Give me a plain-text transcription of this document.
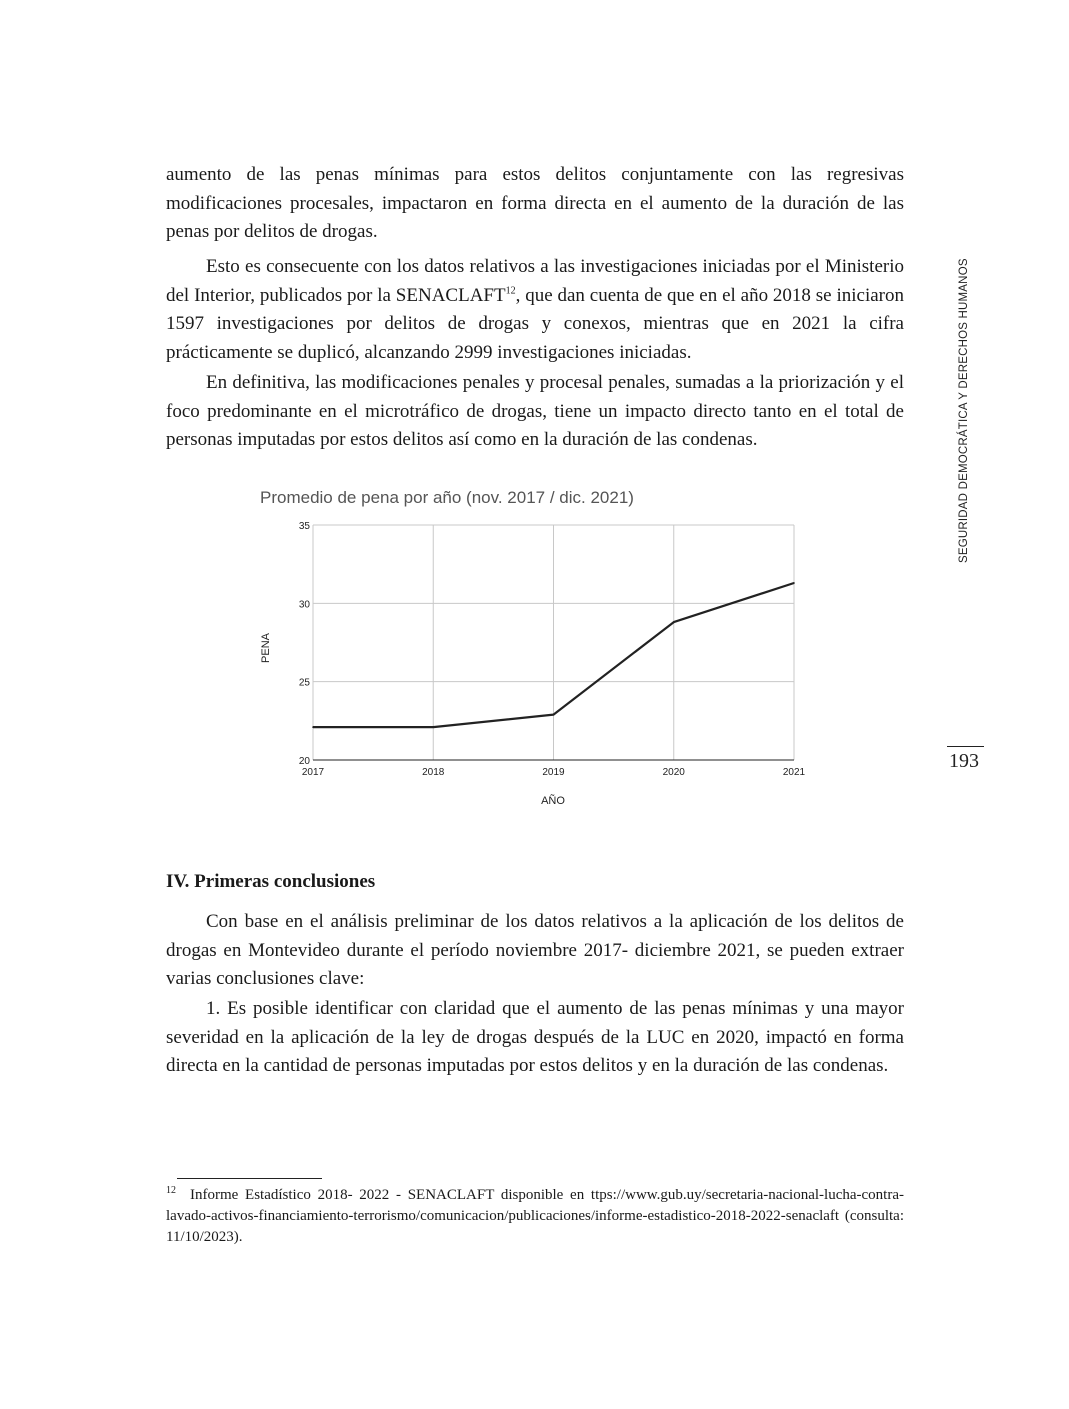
aumento de las penas mínimas para estos delitos conjuntamente con las regresivas modificaciones procesales, impactaron en forma directa en el aumento de la duración de las penas por delitos de drogas.

Esto es consecuente con los datos relativos a las investigaciones iniciadas por el Ministerio del Interior, publicados por la SENACLAFT$^{12}$, que dan cuenta de que en el año 2018 se iniciaron 1597 investigaciones por delitos de drogas y conexos, mientras que en 2021 la cifra prácticamente se duplicó, alcanzando 2999 investigaciones iniciadas.

En definitiva, las modificaciones penales y procesal penales, sumadas a la priorización y el foco predominante en el microtráfico de drogas, tiene un impacto directo tanto en el total de personas imputadas por estos delitos así como en la duración de las condenas.

Promedio de pena por año (nov. 2017 / dic. 2021)
AÑO
PENA
20
25
30
35
2017	2018	2019	2020	2021
IV. Primeras conclusiones

Con base en el análisis preliminar de los datos relativos a la aplicación de los delitos de drogas en Montevideo durante el período noviembre 2017- diciembre 2021, se pueden extraer varias conclusiones clave:

1. Es posible identificar con claridad que el aumento de las penas mínimas y una mayor severidad en la aplicación de la ley de drogas después de la LUC en 2020, impactó en forma directa en la cantidad de personas imputadas por estos delitos y en la duración de las condenas.

SEGURIDAD DEMOCRÁTICA Y DERECHOS HUMANOS
193

$^{12}$ Informe Estadístico 2018- 2022 - SENACLAFT disponible en ttps://www.gub.uy/secretaria-nacional-lucha-contra-lavado-activos-financiamiento-terrorismo/comunicacion/publicaciones/informe-estadistico-2018-2022-senaclaft (consulta: 11/10/2023).
